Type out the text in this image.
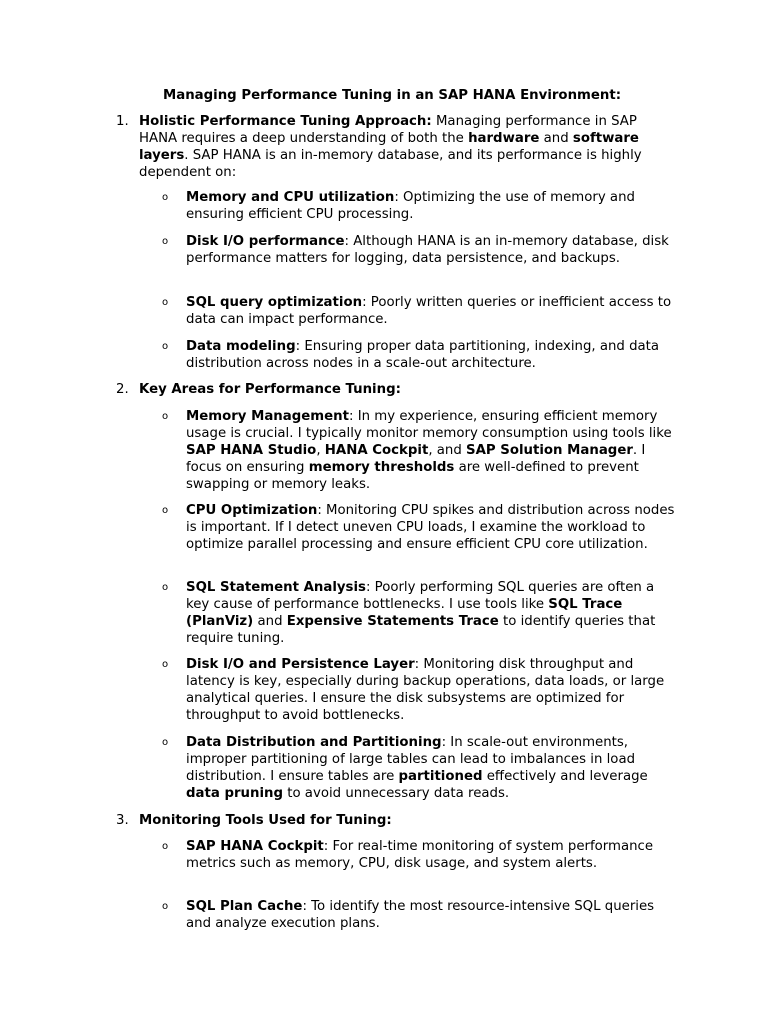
Managing Performance Tuning in an SAP HANA Environment:
1. Holistic Performance Tuning Approach: Managing performance in SAP HANA requires a deep understanding of both the hardware and software layers. SAP HANA is an in-memory database, and its performance is highly dependent on:
o Memory and CPU utilization: Optimizing the use of memory and ensuring efficient CPU processing.
o Disk I/O performance: Although HANA is an in-memory database, disk performance matters for logging, data persistence, and backups.
o SQL query optimization: Poorly written queries or inefficient access to data can impact performance.
o Data modeling: Ensuring proper data partitioning, indexing, and data distribution across nodes in a scale-out architecture.
2. Key Areas for Performance Tuning:
o Memory Management: In my experience, ensuring efficient memory usage is crucial. I typically monitor memory consumption using tools like SAP HANA Studio, HANA Cockpit, and SAP Solution Manager. I focus on ensuring memory thresholds are well-defined to prevent swapping or memory leaks.
o CPU Optimization: Monitoring CPU spikes and distribution across nodes is important. If I detect uneven CPU loads, I examine the workload to optimize parallel processing and ensure efficient CPU core utilization.
o SQL Statement Analysis: Poorly performing SQL queries are often a key cause of performance bottlenecks. I use tools like SQL Trace (PlanViz) and Expensive Statements Trace to identify queries that require tuning.
o Disk I/O and Persistence Layer: Monitoring disk throughput and latency is key, especially during backup operations, data loads, or large analytical queries. I ensure the disk subsystems are optimized for throughput to avoid bottlenecks.
o Data Distribution and Partitioning: In scale-out environments, improper partitioning of large tables can lead to imbalances in load distribution. I ensure tables are partitioned effectively and leverage data pruning to avoid unnecessary data reads.
3. Monitoring Tools Used for Tuning:
o SAP HANA Cockpit: For real-time monitoring of system performance metrics such as memory, CPU, disk usage, and system alerts.
o SQL Plan Cache: To identify the most resource-intensive SQL queries and analyze execution plans.
